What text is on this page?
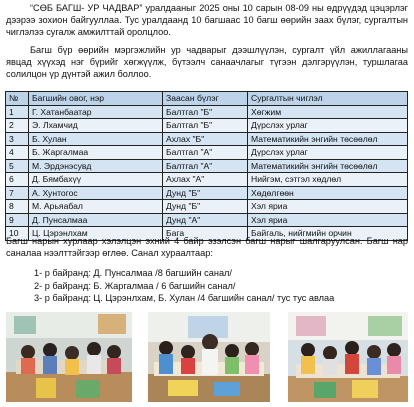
“СӨБ БАГШ- УР ЧАДВАР” уралдааныг 2025 оны 10 сарын 08-09 ны өдрүүдэд цэцэрлэг дээрээ зохион байгууллаа. Тус уралдаанд 10 багшаас 10 багш өөрийн заах бүлэг, сургалтын чиглэлээ сугалж амжилттай оролцлоо.
Багш бүр өөрийн мэргэжлийн ур чадварыг дээшлүүлэн, сургалт үйл ажиллагааны явцад хүүхэд нэг бүрийг хөгжүүлж, бүтээлч санаачлагыг түгээн дэлгэрүүлэн, туршлагаа солилцон үр дүнтэй ажил боллоо.
№	Багшийн овог, нэр	Заасан бүлэг	Сургалтын чиглэл
1	Г. Хатанбаатар	Балтгал "Б"	Хөгжим
2	Э. Лхамчид	Балтгал "Б"	Дүрслэх урлаг
3	Б. Хулан	Ахлах "Б"	Математикийн энгийн төсөөлөл
4	Б. Жаргалмаа	Балтгал "А"	Дүрслэх урлаг
5	М. Эрдэнэсувд	Балтгал "А"	Математикийн энгийн төсөөлөл
6	Д. Бямбахүү	Ахлах "А"	Нийгэм, сэтгэл хөдлөл
7	А. Хунтогос	Дунд "Б"	Хөдөлгөөн
8	М. Арьяабал	Дунд "Б"	Хэл яриа
9	Д. Пунсалмаа	Дунд "А"	Хэл яриа
10	Ц. Цэрэнлхам	Бага	Байгаль, нийгмийн орчин
Багш нарын хурлаар хэлэлцэн эхний 4 байр эзэлсэн багш нарыг шалгаруулсан. Багш нар саналаа нээлттэйгээр өглөө. Санал хураалтаар:
1- р байранд: Д. Пунсалмаа /8 багшийн санал/
2- р байранд: Б. Жаргалмаа / 6 багшийн санал/
3- р байранд: Ц. Цэрэнлхам, Б. Хулан /4 багшийн санал/ тус тус авлаа
